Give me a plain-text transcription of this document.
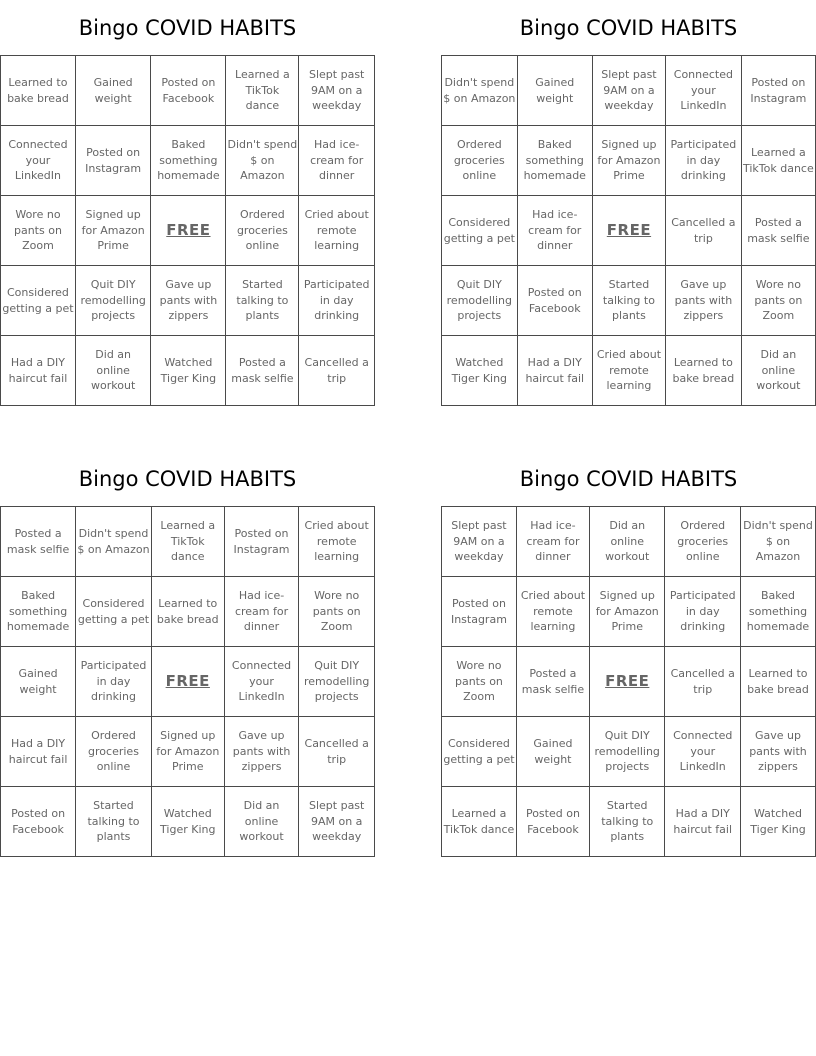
Bingo COVID HABITS
Learned to bake bread	Gained weight	Posted on Facebook	Learned a TikTok dance	Slept past 9AM on a weekday
Connected your LinkedIn	Posted on Instagram	Baked something homemade	Didn't spend $ on Amazon	Had ice-cream for dinner
Wore no pants on Zoom	Signed up for Amazon Prime	FREE	Ordered groceries online	Cried about remote learning
Considered getting a pet	Quit DIY remodelling projects	Gave up pants with zippers	Started talking to plants	Participated in day drinking
Had a DIY haircut fail	Did an online workout	Watched Tiger King	Posted a mask selfie	Cancelled a trip
Bingo COVID HABITS
Didn't spend $ on Amazon	Gained weight	Slept past 9AM on a weekday	Connected your LinkedIn	Posted on Instagram
Ordered groceries online	Baked something homemade	Signed up for Amazon Prime	Participated in day drinking	Learned a TikTok dance
Considered getting a pet	Had ice-cream for dinner	FREE	Cancelled a trip	Posted a mask selfie
Quit DIY remodelling projects	Posted on Facebook	Started talking to plants	Gave up pants with zippers	Wore no pants on Zoom
Watched Tiger King	Had a DIY haircut fail	Cried about remote learning	Learned to bake bread	Did an online workout
Bingo COVID HABITS
Posted a mask selfie	Didn't spend $ on Amazon	Learned a TikTok dance	Posted on Instagram	Cried about remote learning
Baked something homemade	Considered getting a pet	Learned to bake bread	Had ice-cream for dinner	Wore no pants on Zoom
Gained weight	Participated in day drinking	FREE	Connected your LinkedIn	Quit DIY remodelling projects
Had a DIY haircut fail	Ordered groceries online	Signed up for Amazon Prime	Gave up pants with zippers	Cancelled a trip
Posted on Facebook	Started talking to plants	Watched Tiger King	Did an online workout	Slept past 9AM on a weekday
Bingo COVID HABITS
Slept past 9AM on a weekday	Had ice-cream for dinner	Did an online workout	Ordered groceries online	Didn't spend $ on Amazon
Posted on Instagram	Cried about remote learning	Signed up for Amazon Prime	Participated in day drinking	Baked something homemade
Wore no pants on Zoom	Posted a mask selfie	FREE	Cancelled a trip	Learned to bake bread
Considered getting a pet	Gained weight	Quit DIY remodelling projects	Connected your LinkedIn	Gave up pants with zippers
Learned a TikTok dance	Posted on Facebook	Started talking to plants	Had a DIY haircut fail	Watched Tiger King
